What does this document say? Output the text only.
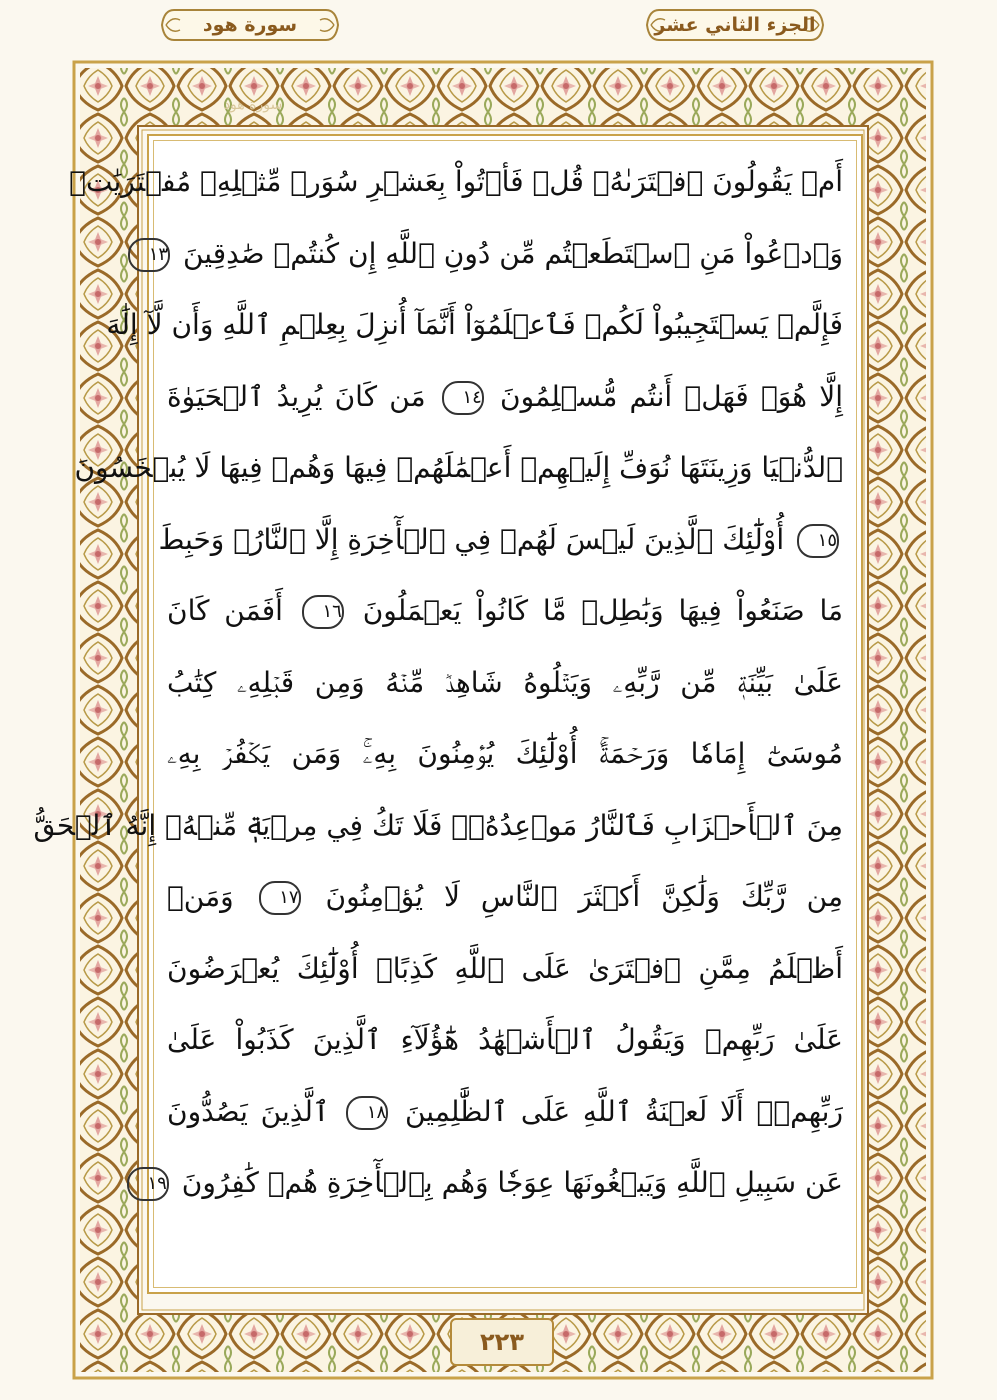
سورة هود	الجزء الثاني عشر
سورة هود
أَمۡ يَقُولُونَ ٱفۡتَرَىٰهُۖ قُلۡ فَأۡتُواْ بِعَشۡرِ سُوَرٖ مِّثۡلِهِۦ مُفۡتَرَيَٰتٖ
وَٱدۡعُواْ مَنِ ٱسۡتَطَعۡتُم مِّن دُونِ ٱللَّهِ إِن كُنتُمۡ صَٰدِقِينَ ١٣
فَإِلَّمۡ يَسۡتَجِيبُواْ لَكُمۡ فَٱعۡلَمُوٓاْ أَنَّمَآ أُنزِلَ بِعِلۡمِ ٱللَّهِ وَأَن لَّآ إِلَٰهَ
إِلَّا هُوَۖ فَهَلۡ أَنتُم مُّسۡلِمُونَ ١٤ مَن كَانَ يُرِيدُ ٱلۡحَيَوٰةَ
ٱلدُّنۡيَا وَزِينَتَهَا نُوَفِّ إِلَيۡهِمۡ أَعۡمَٰلَهُمۡ فِيهَا وَهُمۡ فِيهَا لَا يُبۡخَسُونَ
١٥ أُوْلَٰٓئِكَ ٱلَّذِينَ لَيۡسَ لَهُمۡ فِي ٱلۡأٓخِرَةِ إِلَّا ٱلنَّارُۖ وَحَبِطَ
مَا صَنَعُواْ فِيهَا وَبَٰطِلٞ مَّا كَانُواْ يَعۡمَلُونَ ١٦ أَفَمَن كَانَ
عَلَىٰ بَيِّنَةٖ مِّن رَّبِّهِۦ وَيَتۡلُوهُ شَاهِدٞ مِّنۡهُ وَمِن قَبۡلِهِۦ كِتَٰبُ
مُوسَىٰٓ إِمَامٗا وَرَحۡمَةًۚ أُوْلَٰٓئِكَ يُؤۡمِنُونَ بِهِۦۚ وَمَن يَكۡفُرۡ بِهِۦ
مِنَ ٱلۡأَحۡزَابِ فَٱلنَّارُ مَوۡعِدُهُۥۚ فَلَا تَكُ فِي مِرۡيَةٖ مِّنۡهُۚ إِنَّهُ ٱلۡحَقُّ
مِن رَّبِّكَ وَلَٰكِنَّ أَكۡثَرَ ٱلنَّاسِ لَا يُؤۡمِنُونَ ١٧ وَمَنۡ
أَظۡلَمُ مِمَّنِ ٱفۡتَرَىٰ عَلَى ٱللَّهِ كَذِبًاۚ أُوْلَٰٓئِكَ يُعۡرَضُونَ
عَلَىٰ رَبِّهِمۡ وَيَقُولُ ٱلۡأَشۡهَٰدُ هَٰٓؤُلَآءِ ٱلَّذِينَ كَذَبُواْ عَلَىٰ
رَبِّهِمۡۚ أَلَا لَعۡنَةُ ٱللَّهِ عَلَى ٱلظَّٰلِمِينَ ١٨ ٱلَّذِينَ يَصُدُّونَ
عَن سَبِيلِ ٱللَّهِ وَيَبۡغُونَهَا عِوَجٗا وَهُم بِٱلۡأٓخِرَةِ هُمۡ كَٰفِرُونَ ١٩
٢٢٣
